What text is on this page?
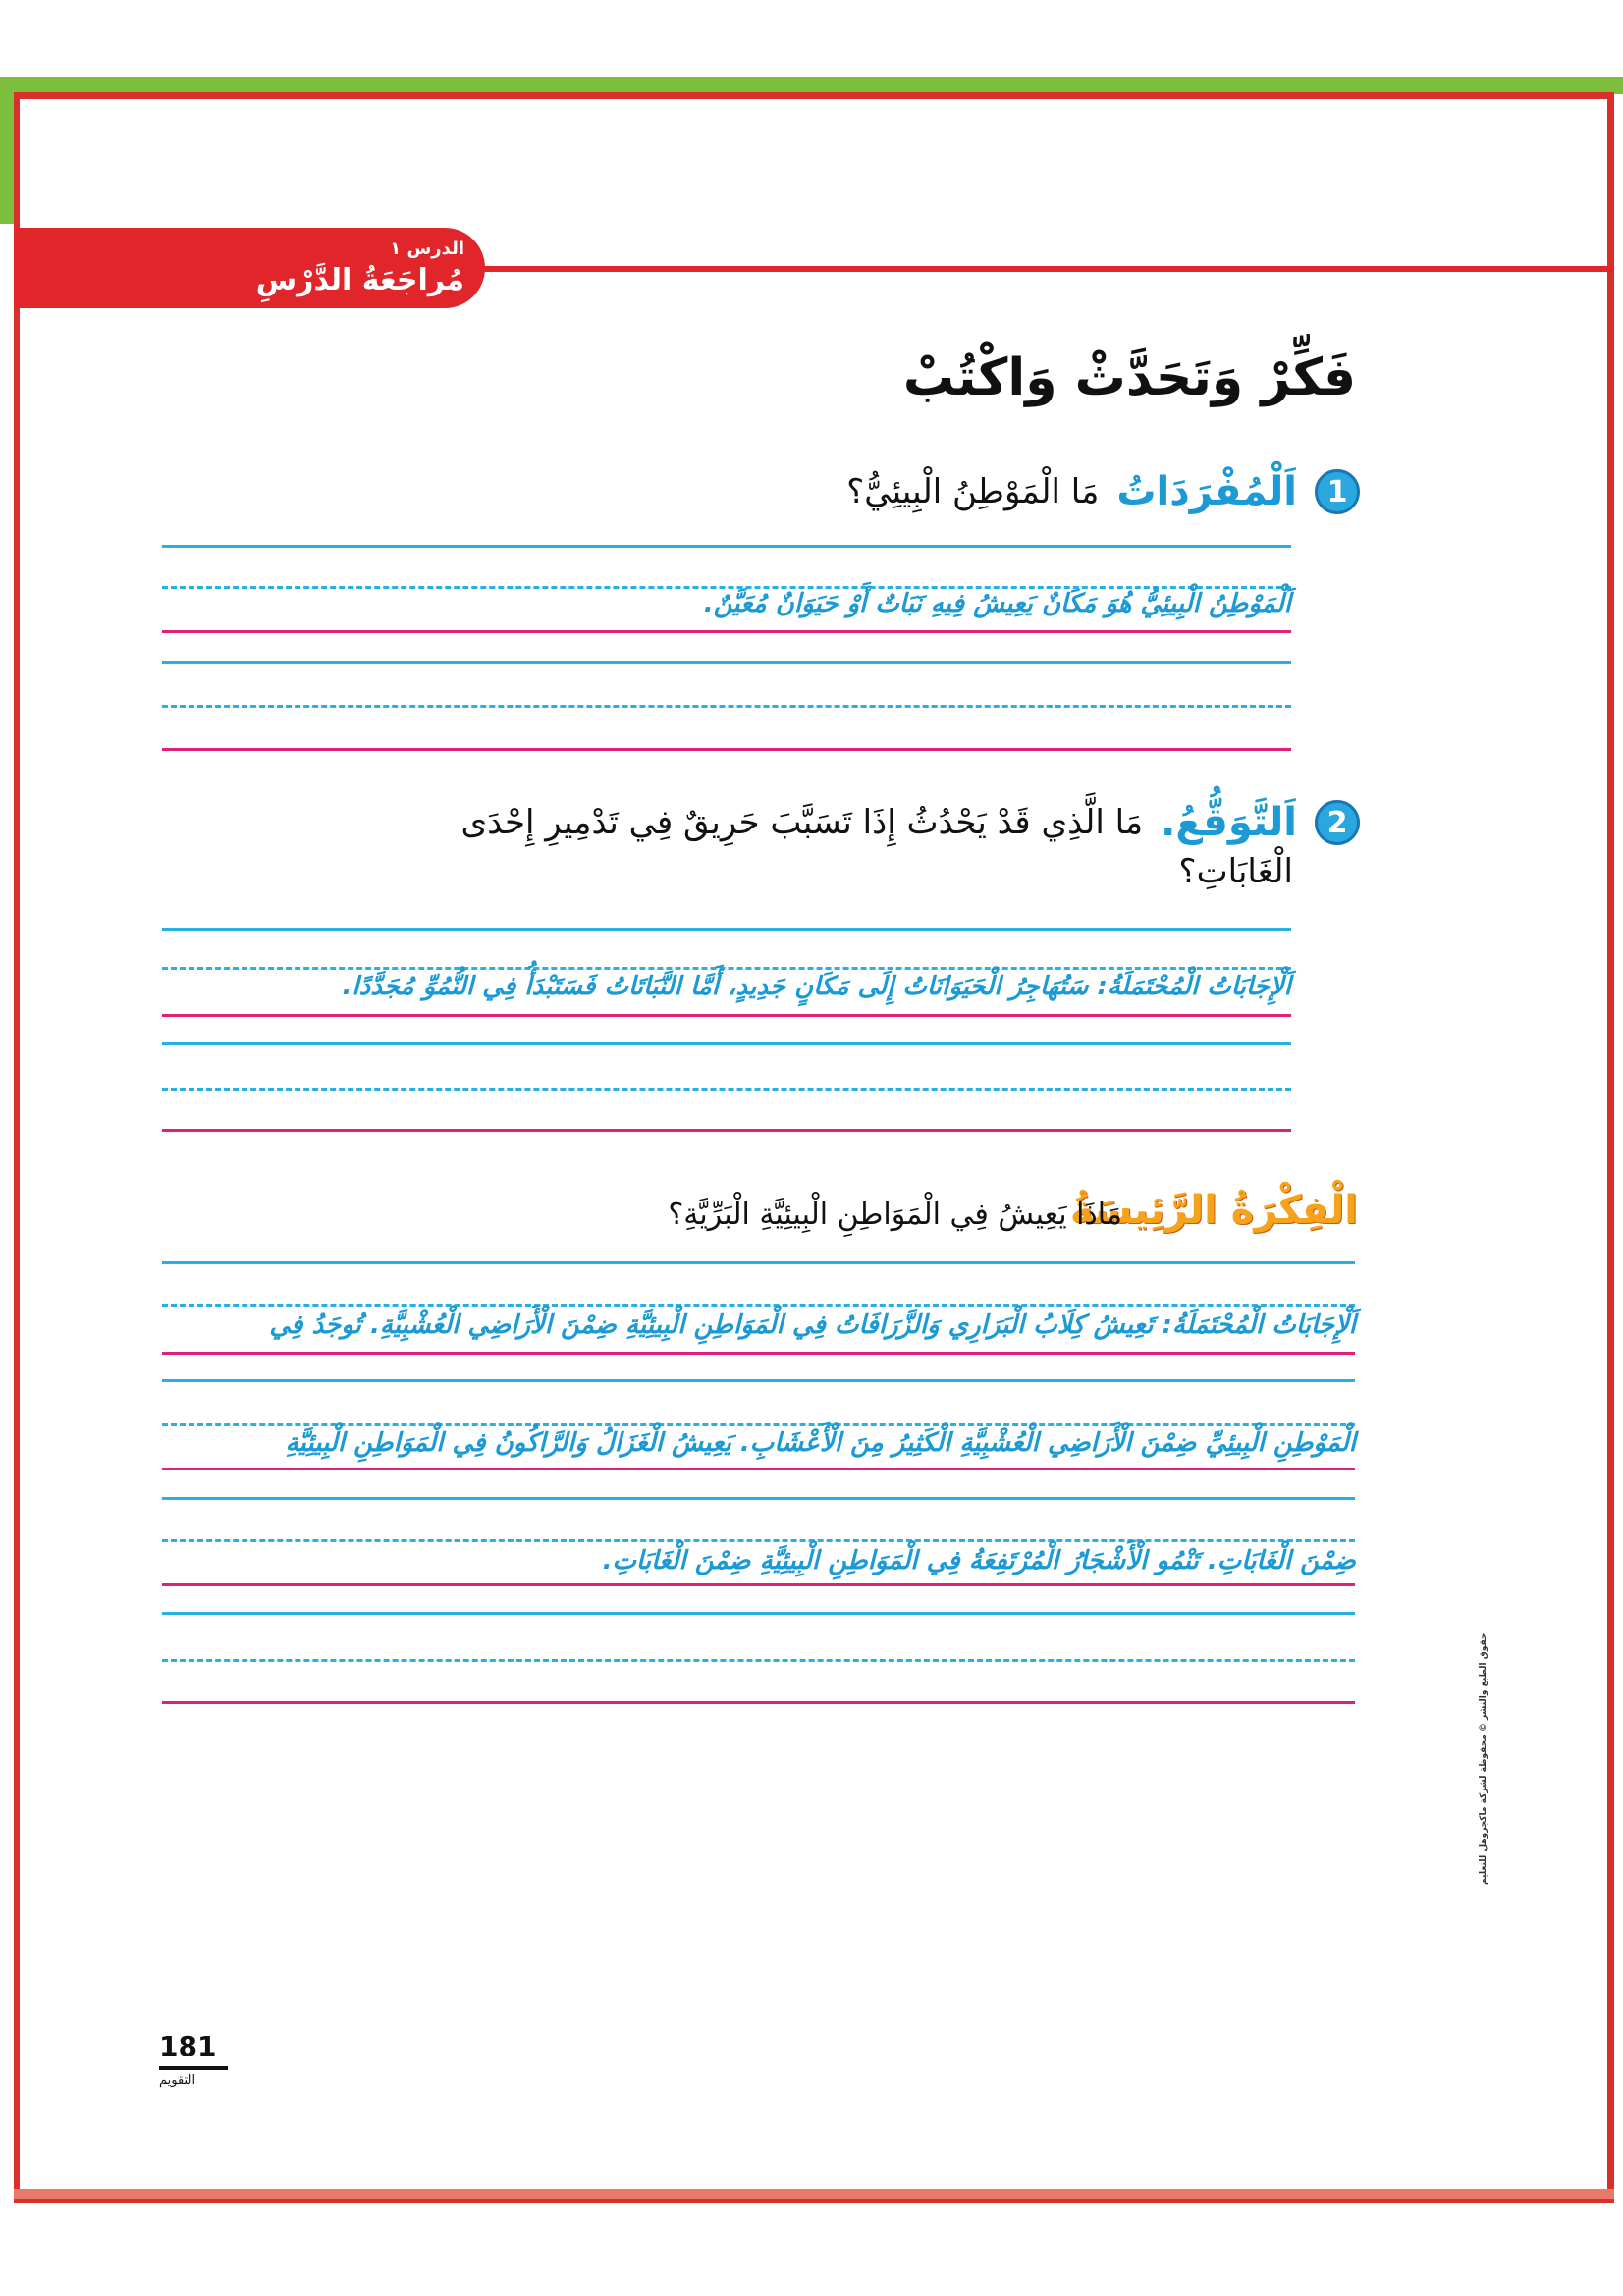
الدرس ١
مُراجَعَةُ الدَّرْسِ
فَكِّرْ وَتَحَدَّثْ وَاكْتُبْ
1
اَلْمُفْرَدَاتُ
مَا الْمَوْطِنُ الْبِيئِيُّ؟
اَلْمَوْطِنُ الْبِيئِيُّ هُوَ مَكَانٌ يَعِيشُ فِيهِ نَبَاتٌ أَوْ حَيَوَانٌ مُعَيَّنٌ.
2
اَلتَّوَقُّعُ.
مَا الَّذِي قَدْ يَحْدُثُ إِذَا تَسَبَّبَ حَرِيقٌ فِي تَدْمِيرِ إِحْدَى
الْغَابَاتِ؟
اَلْإِجَابَاتُ الْمُحْتَمَلَةُ: سَتُهَاجِرُ الْحَيَوَانَاتُ إِلَى مَكَانٍ جَدِيدٍ، أَمَّا النَّبَاتَاتُ فَسَتَبْدَأُ فِي النُّمُوِّ مُجَدَّدًا.
الْفِكْرَةُ الرَّئِيسَةُ
مَاذَا يَعِيشُ فِي الْمَوَاطِنِ الْبِيئِيَّةِ الْبَرِّيَّةِ؟
اَلْإِجَابَاتُ الْمُحْتَمَلَةُ: تَعِيشُ كِلَابُ الْبَرَارِي وَالزَّرَافَاتُ فِي الْمَوَاطِنِ الْبِيئِيَّةِ ضِمْنَ الْأَرَاضِي الْعُشْبِيَّةِ. تُوجَدُ فِي
الْمَوْطِنِ الْبِيئِيِّ ضِمْنَ الْأَرَاضِي الْعُشْبِيَّةِ الْكَثِيرُ مِنَ الْأَعْشَابِ. يَعِيشُ الْغَزَالُ وَالرَّاكُونُ فِي الْمَوَاطِنِ الْبِيئِيَّةِ
ضِمْنَ الْغَابَاتِ. تَنْمُو الْأَشْجَارُ الْمُرْتَفِعَةُ فِي الْمَوَاطِنِ الْبِيئِيَّةِ ضِمْنَ الْغَابَاتِ.
حقوق الطبع والنشر © محفوظة لشركة ماكجروهل للتعليم
181
التقويم
